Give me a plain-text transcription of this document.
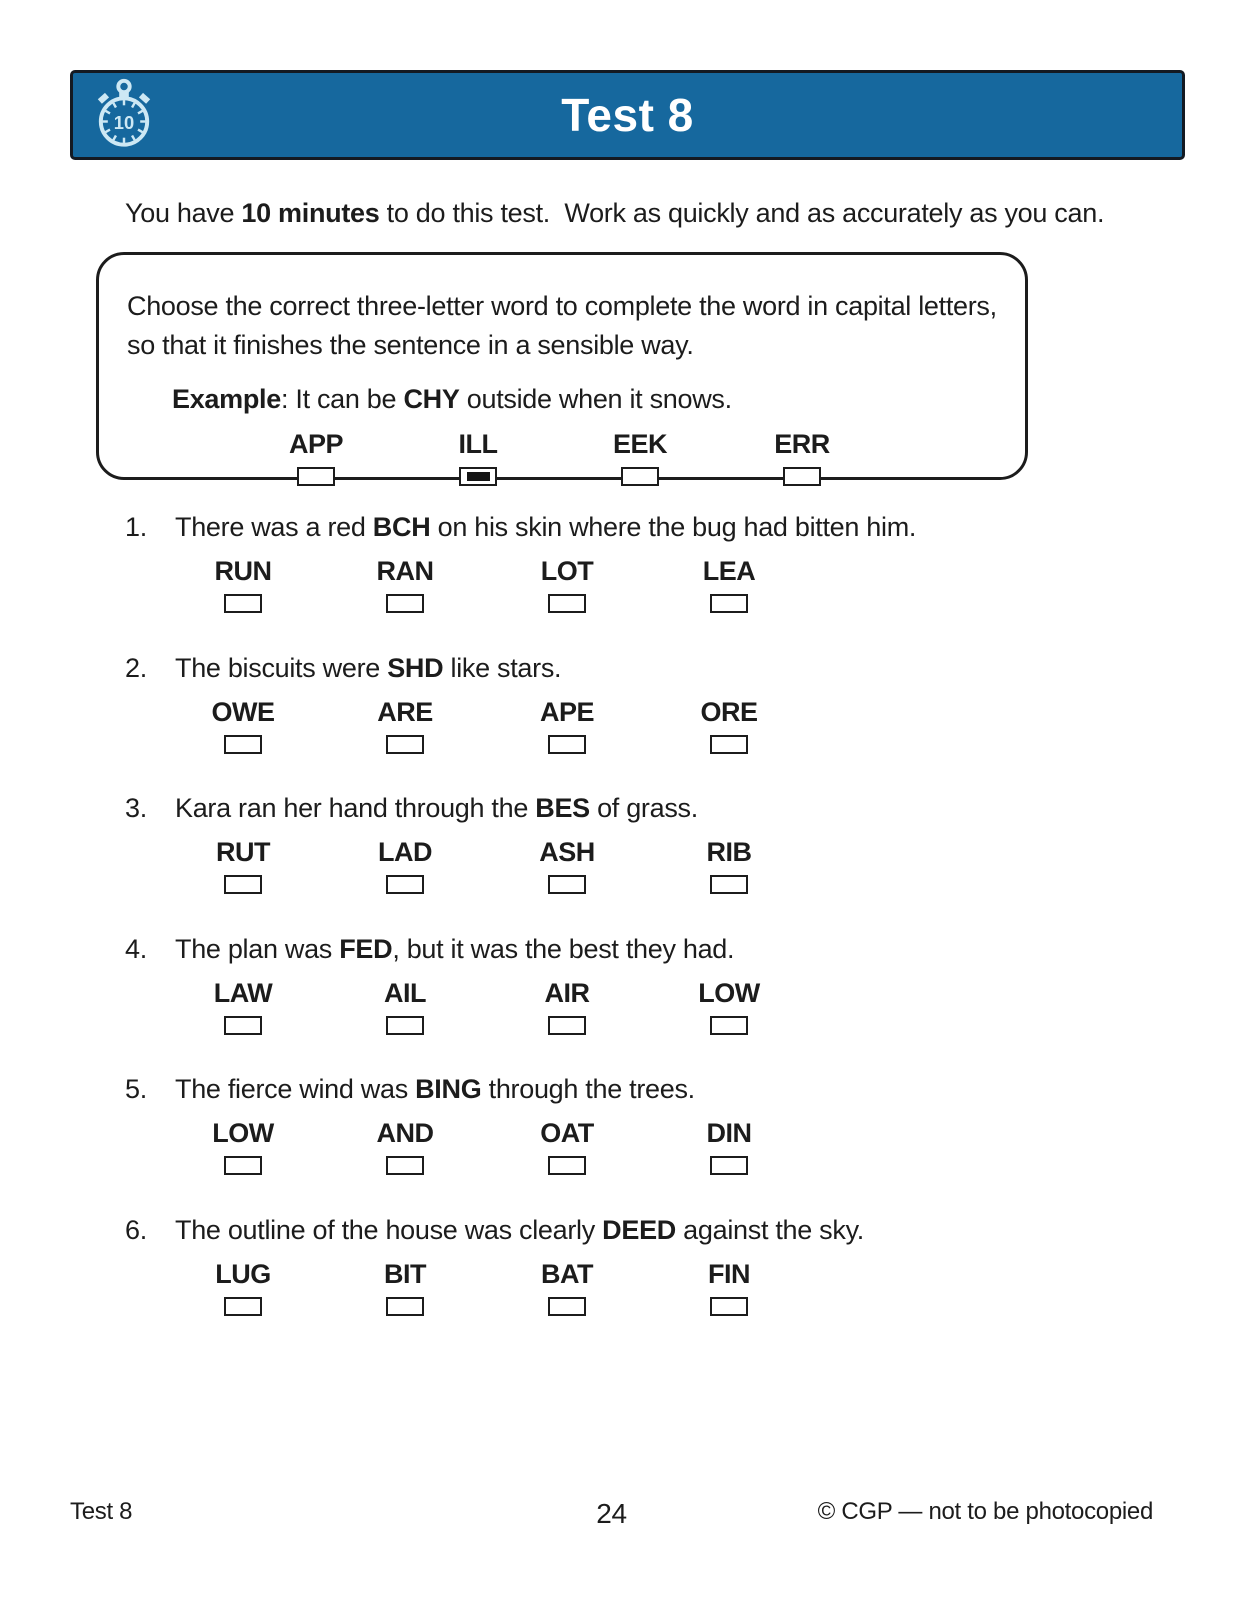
10	Test 8

You have 10 minutes to do this test.  Work as quickly and as accurately as you can.

Choose the correct three-letter word to complete the word in capital letters,
so that it finishes the sentence in a sensible way.

Example: It can be CHY outside when it snows.

APP	ILL	EEK	ERR
1. There was a red BCH on his skin where the bug had bitten him.
RUN	RAN	LOT	LEA
2. The biscuits were SHD like stars.
OWE	ARE	APE	ORE
3. Kara ran her hand through the BES of grass.
RUT	LAD	ASH	RIB
4. The plan was FED, but it was the best they had.
LAW	AIL	AIR	LOW
5. The fierce wind was BING through the trees.
LOW	AND	OAT	DIN
6. The outline of the house was clearly DEED against the sky.
LUG	BIT	BAT	FIN
Test 8	24	© CGP — not to be photocopied
